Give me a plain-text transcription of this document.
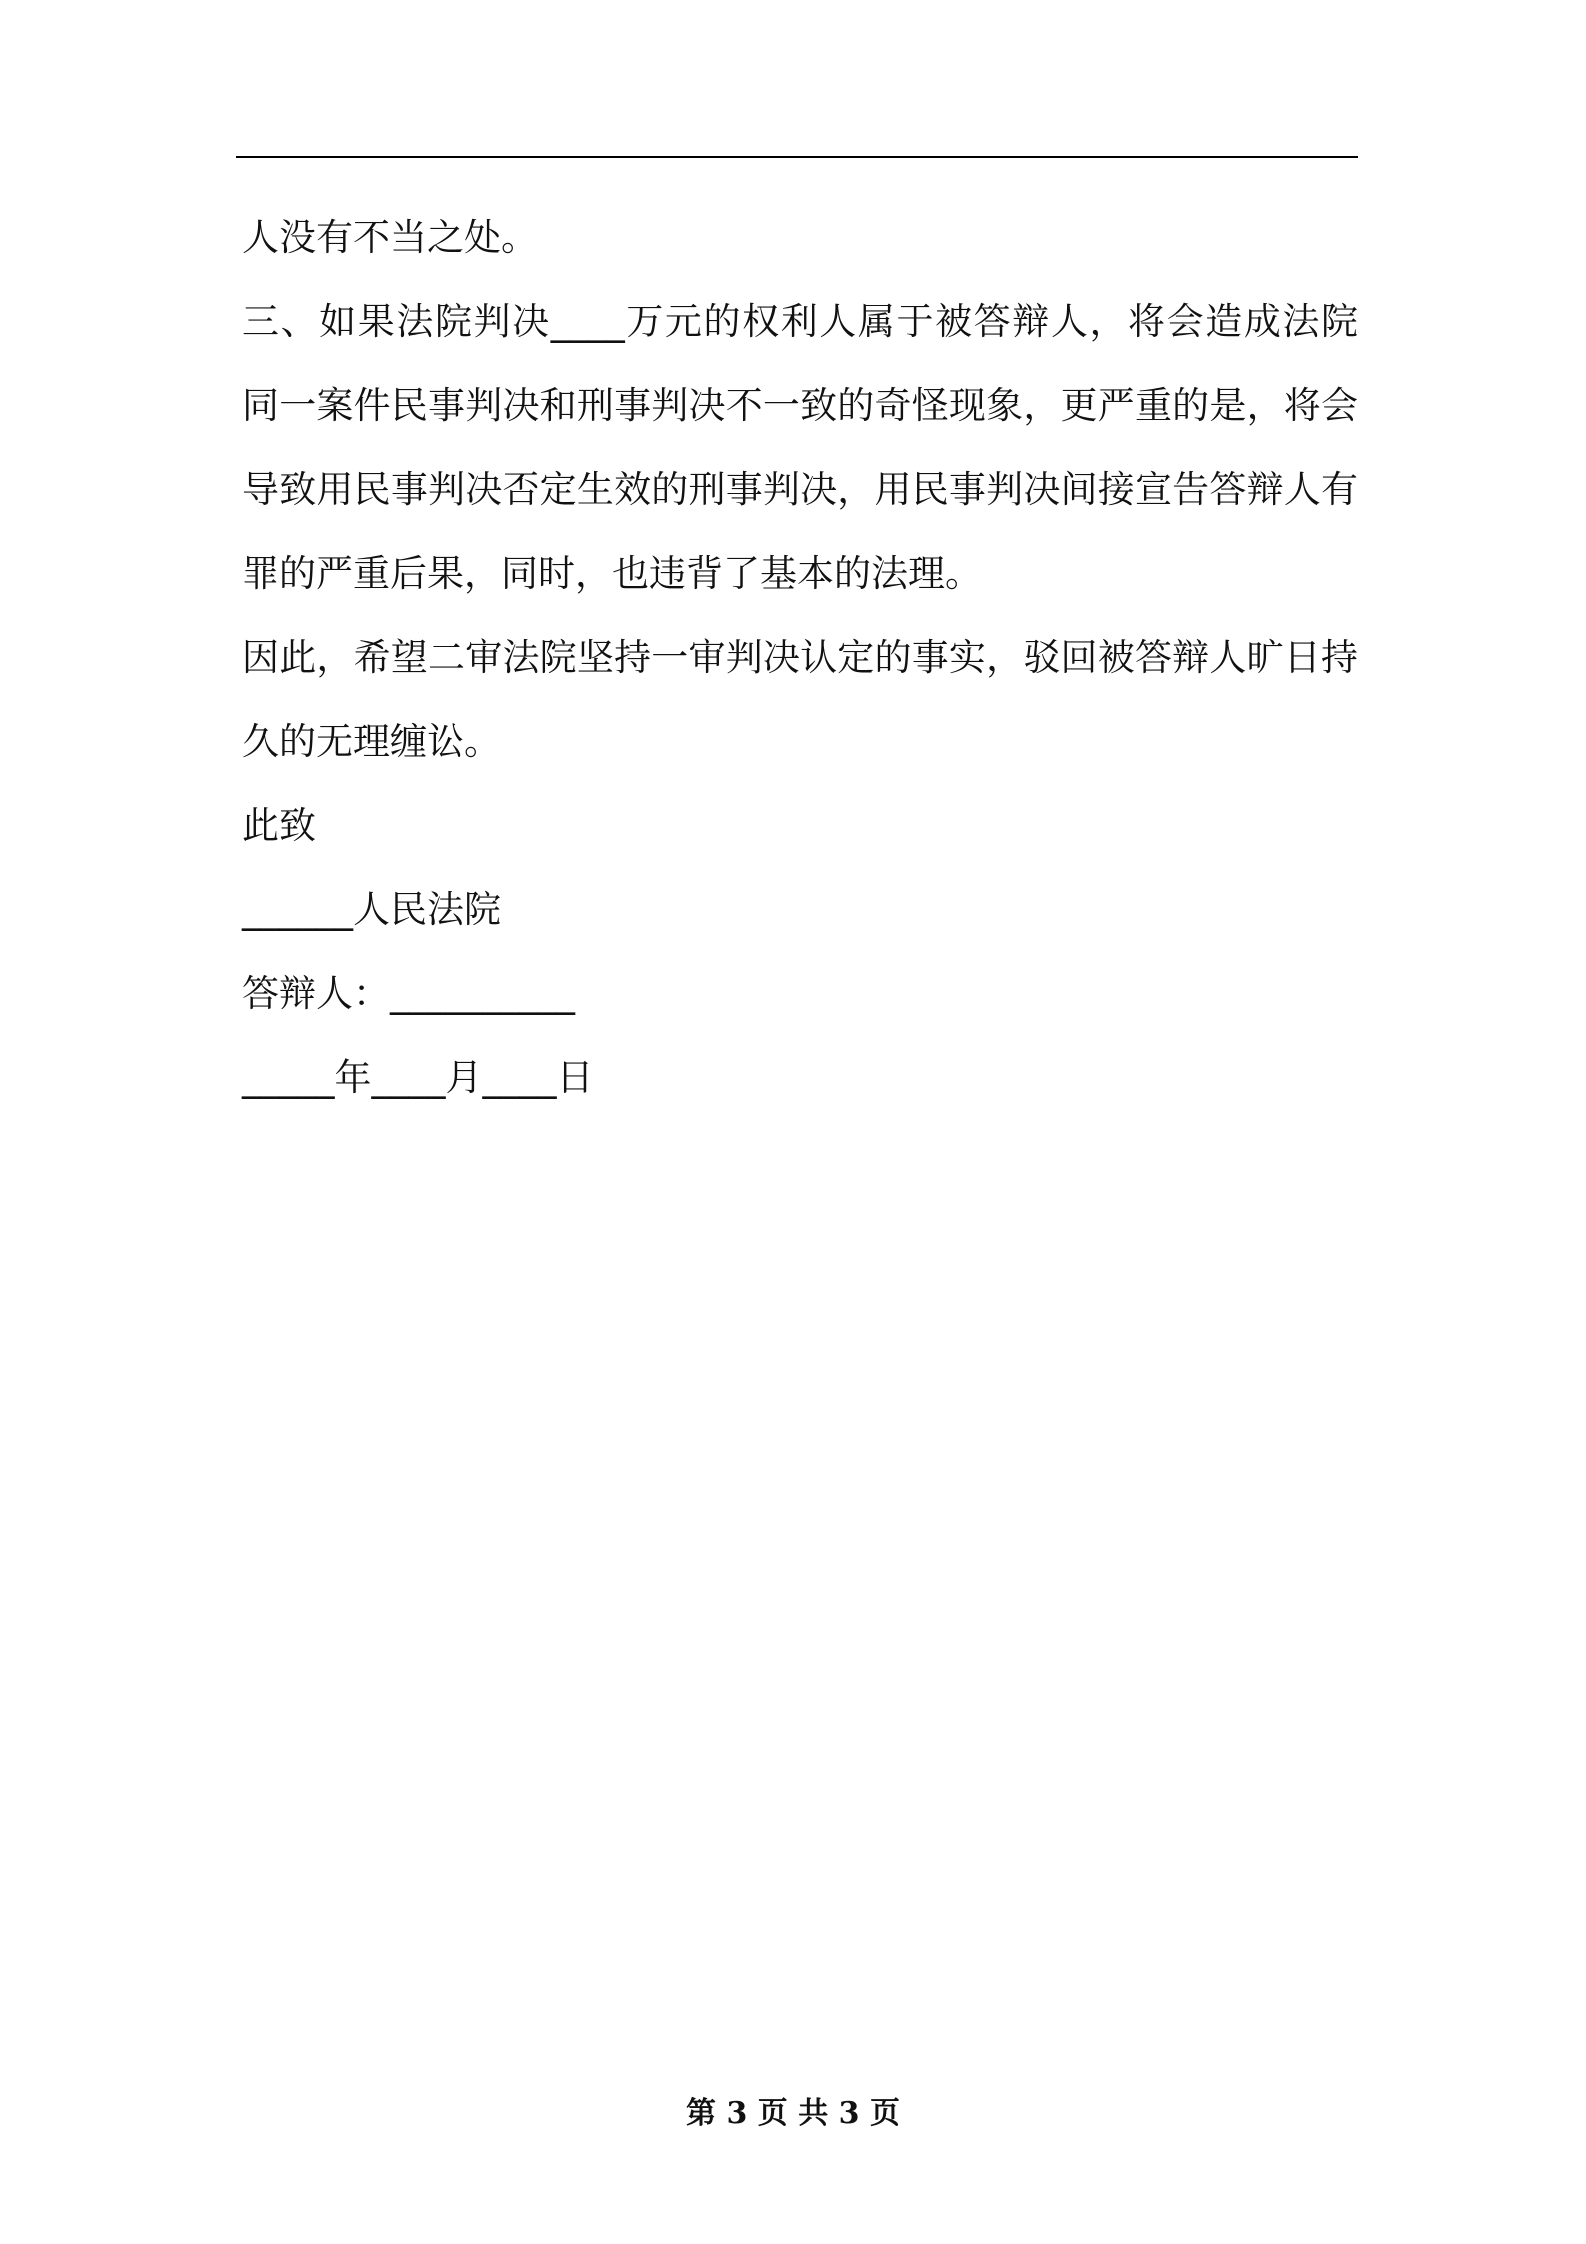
人没有不当之处。
三、如果法院判决____万元的权利人属于被答辩人，将会造成法院
同一案件民事判决和刑事判决不一致的奇怪现象，更严重的是，将会
导致用民事判决否定生效的刑事判决，用民事判决间接宣告答辩人有
罪的严重后果，同时，也违背了基本的法理。
因此，希望二审法院坚持一审判决认定的事实，驳回被答辩人旷日持
久的无理缠讼。
此致
______人民法院
答辩人：__________
_____年____月____日
第 3 页 共 3 页
